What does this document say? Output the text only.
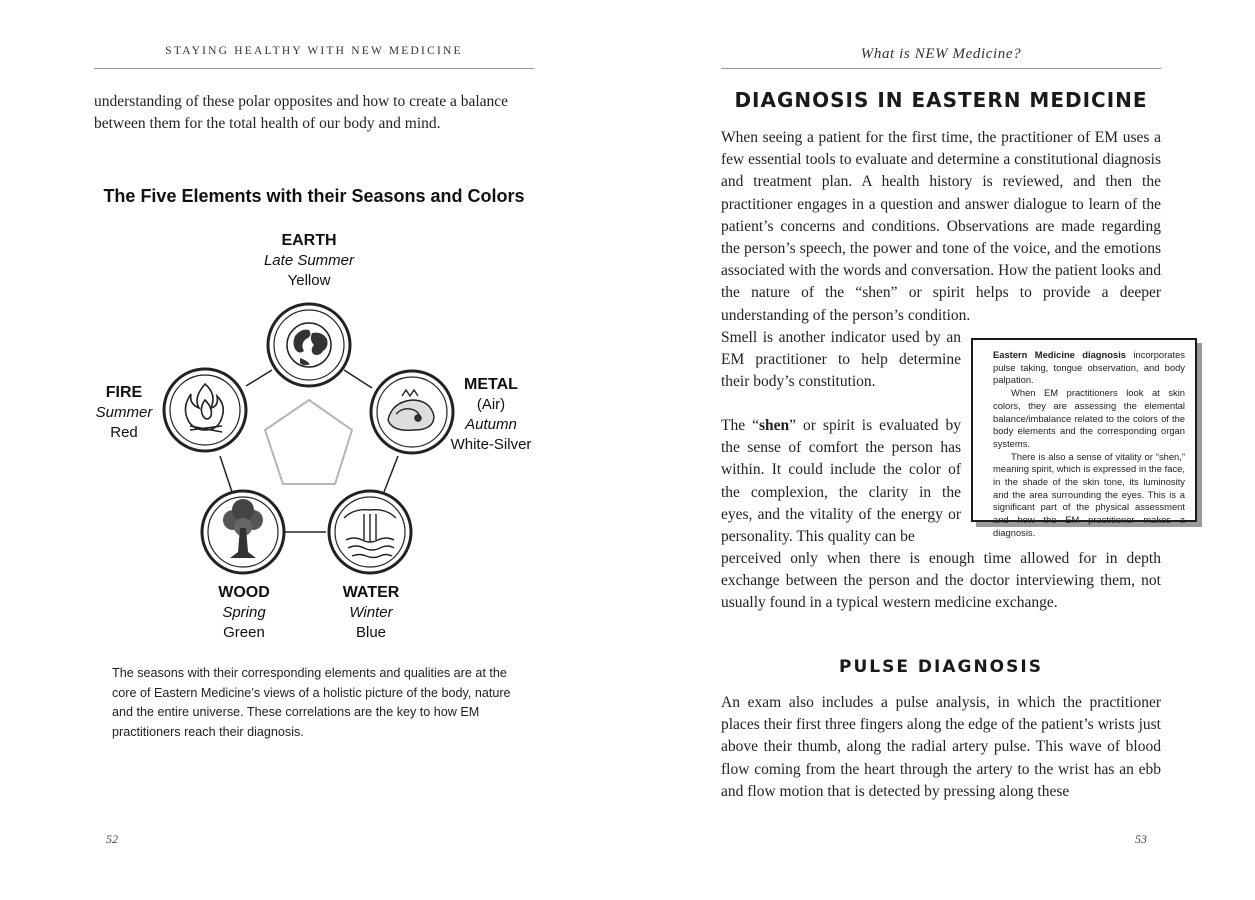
STAYING HEALTHY WITH NEW MEDICINE

understanding of these polar opposites and how to create a balance between them for the total health of our body and mind.

The Five Elements with their Seasons and Colors
EARTH
Late Summer
Yellow
FIRE
Summer
Red
METAL
(Air)
Autumn
White-Silver
WOOD
Spring
Green
WATER
Winter
Blue
The seasons with their corresponding elements and qualities are at the core of Eastern Medicine’s views of a holistic picture of the body, nature and the entire universe. These correlations are the key to how EM practitioners reach their diagnosis.
52
What is NEW Medicine?
DIAGNOSIS IN EASTERN MEDICINE

When seeing a patient for the first time, the practitioner of EM uses a few essential tools to evaluate and determine a constitutional diagnosis and treatment plan. A health history is reviewed, and then the practitioner engages in a question and answer dialogue to learn of the patient’s concerns and conditions. Observations are made regarding the person’s speech, the power and tone of the voice, and the emotions associated with the words and conversation. How the patient looks and the nature of the “shen” or spirit helps to provide a deeper understanding of the person’s condition.

Smell is another indicator used by an EM practitioner to help determine their body’s constitution.

The “shen” or spirit is evaluated by the sense of comfort the person has within. It could include the color of the complexion, the clarity in the eyes, and the vitality of the energy or personality. This quality can be

perceived only when there is enough time allowed for in depth exchange between the person and the doctor interviewing them, not usually found in a typical western medicine exchange.

Eastern Medicine diagnosis incorporates pulse taking, tongue observation, and body palpation.

When EM practitioners look at skin colors, they are assessing the elemental balance/imbalance related to the colors of the body elements and the corresponding organ systems.

There is also a sense of vitality or “shen,” meaning spirit, which is expressed in the face, in the shade of the skin tone, its luminosity and the area surrounding the eyes. This is a significant part of the physical assessment and how the EM practitioner makes a diagnosis.

PULSE DIAGNOSIS

An exam also includes a pulse analysis, in which the practitioner places their first three fingers along the edge of the patient’s wrists just above their thumb, along the radial artery pulse. This wave of blood flow coming from the heart through the artery to the wrist has an ebb and flow motion that is detected by pressing along these

53
